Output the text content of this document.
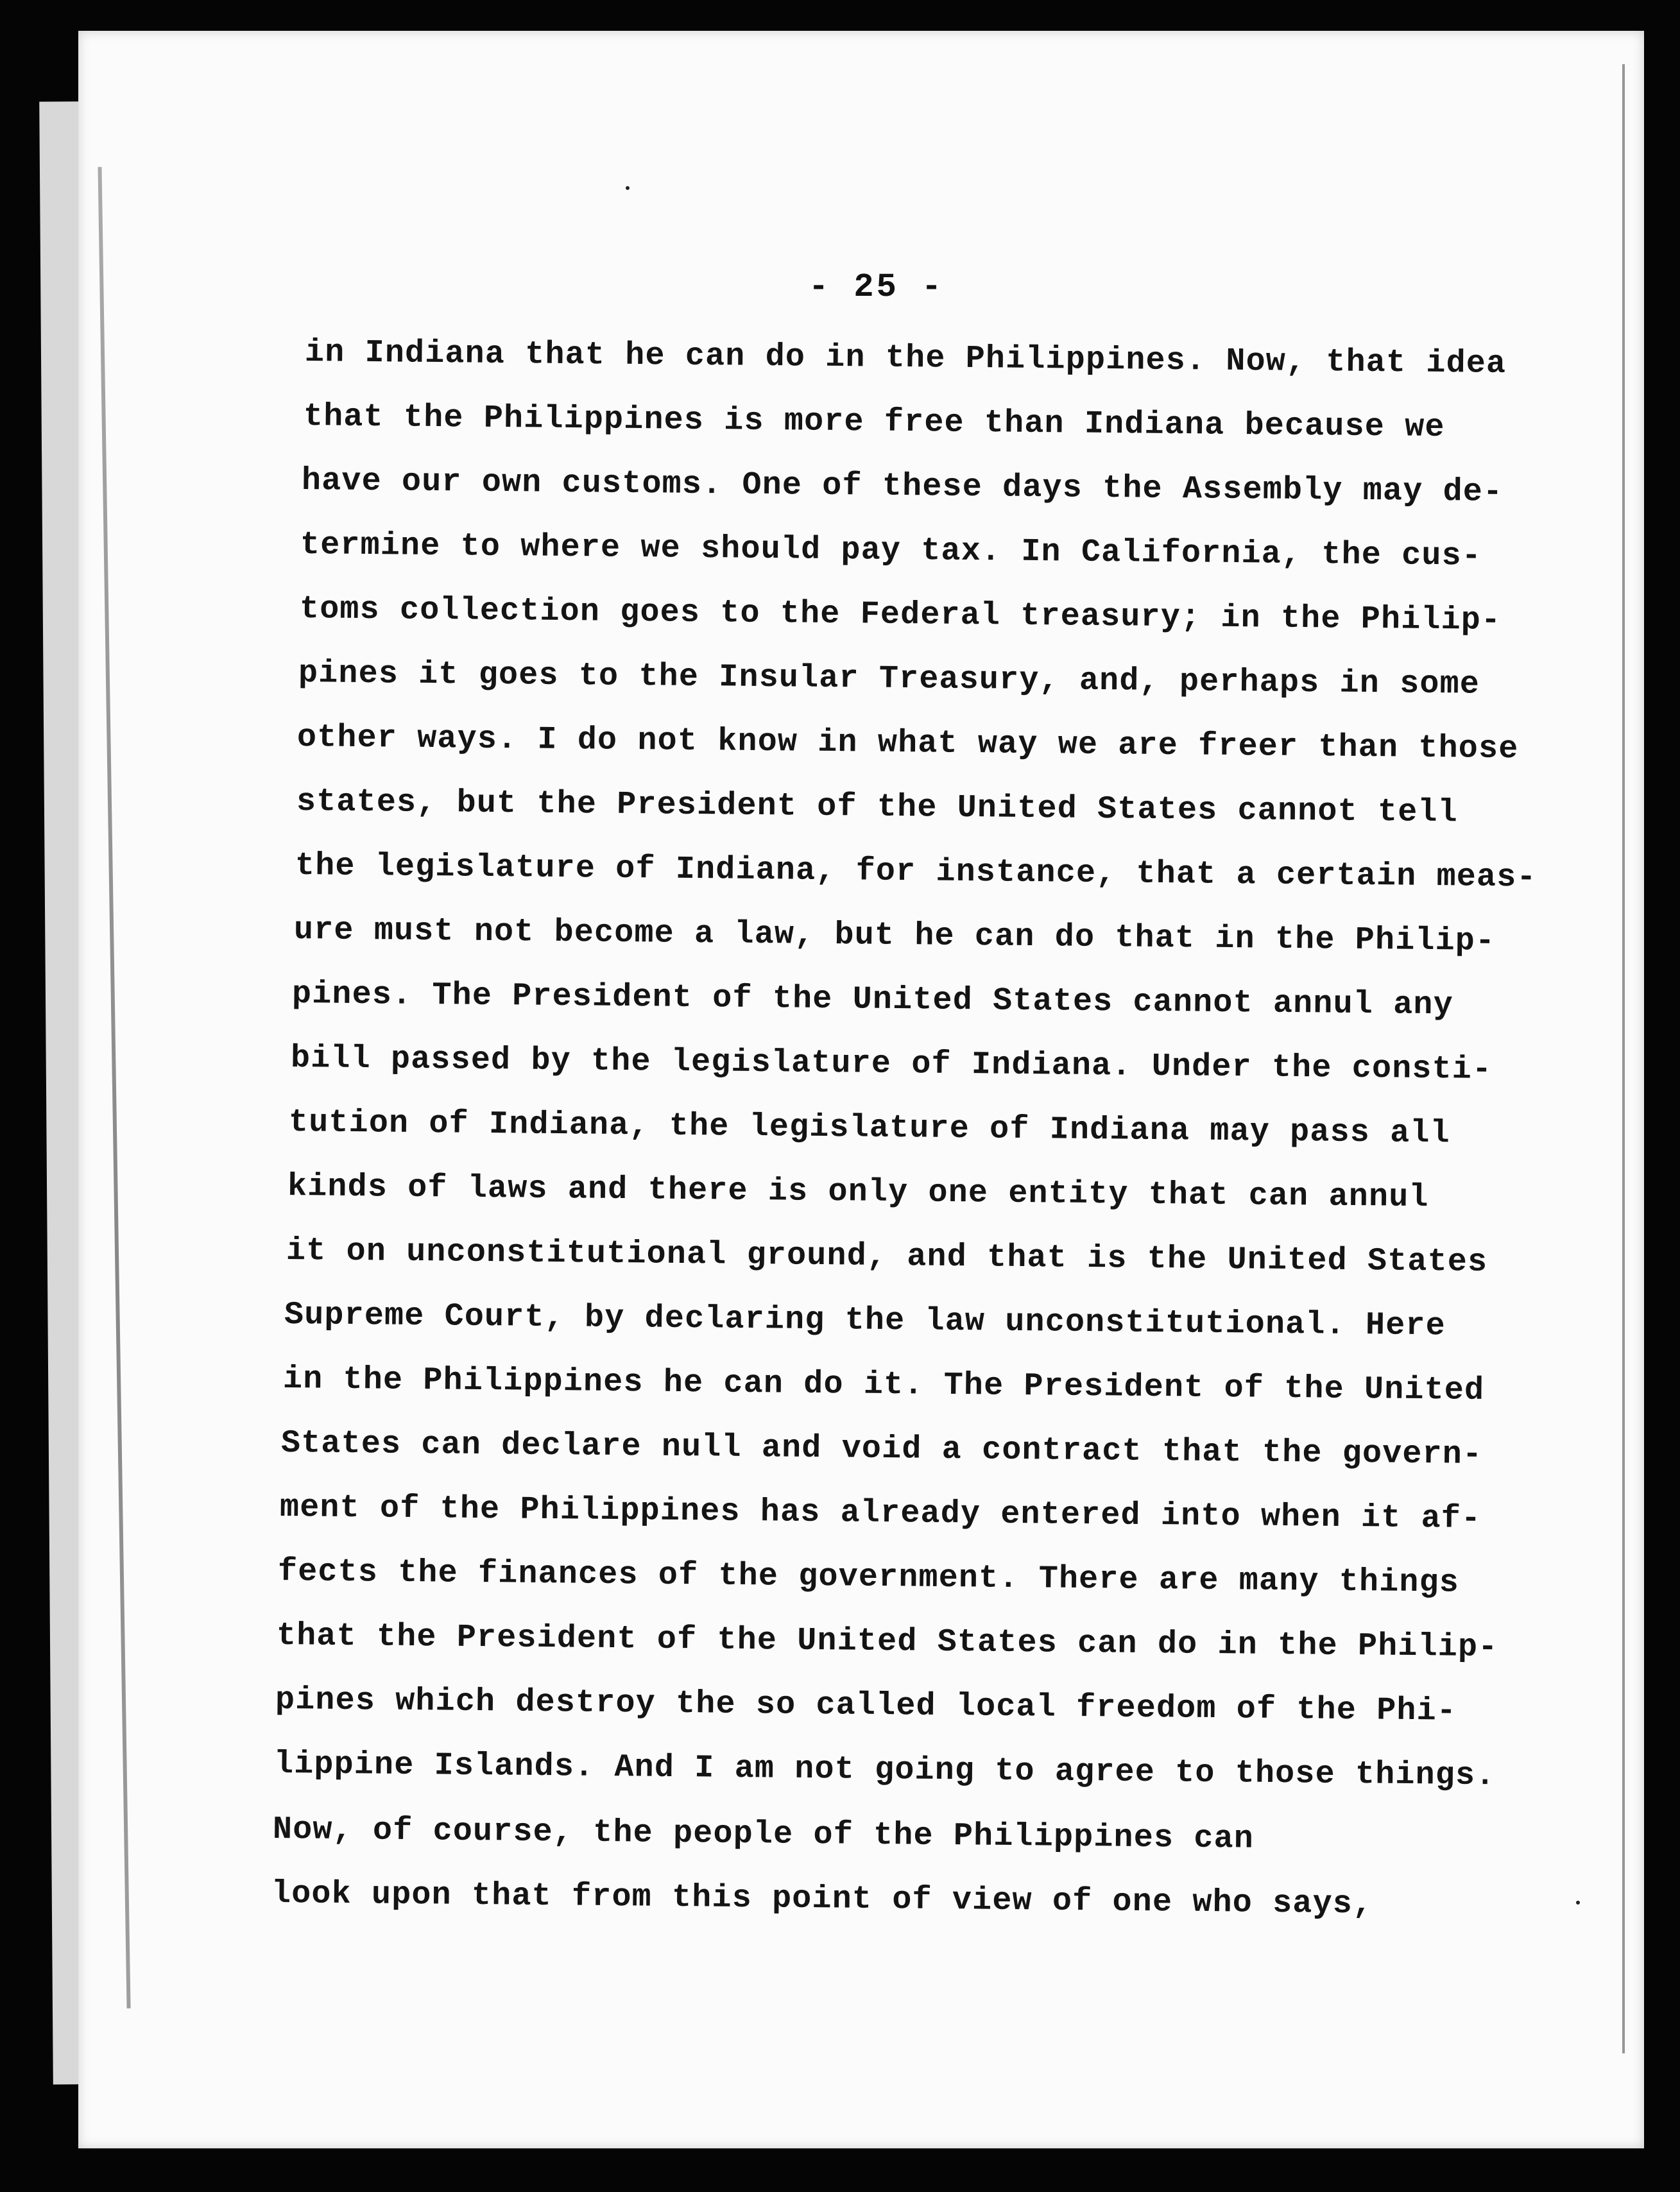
- 25 -
in Indiana that he can do in the Philippines. Now, that idea
that the Philippines is more free than Indiana because we
have our own customs. One of these days the Assembly may de-
termine to where we should pay tax. In California, the cus-
toms collection goes to the Federal treasury; in the Philip-
pines it goes to the Insular Treasury, and, perhaps in some
other ways. I do not know in what way we are freer than those
states, but the President of the United States cannot tell
the legislature of Indiana, for instance, that a certain meas-
ure must not become a law, but he can do that in the Philip-
pines. The President of the United States cannot annul any
bill passed by the legislature of Indiana. Under the consti-
tution of Indiana, the legislature of Indiana may pass all
kinds of laws and there is only one entity that can annul
it on unconstitutional ground, and that is the United States
Supreme Court, by declaring the law unconstitutional. Here
in the Philippines he can do it. The President of the United
States can declare null and void a contract that the govern-
ment of the Philippines has already entered into when it af-
fects the finances of the government. There are many things
that the President of the United States can do in the Philip-
pines which destroy the so called local freedom of the Phi-
lippine Islands. And I am not going to agree to those things.
Now, of course, the people of the Philippines can
look upon that from this point of view of one who says,
